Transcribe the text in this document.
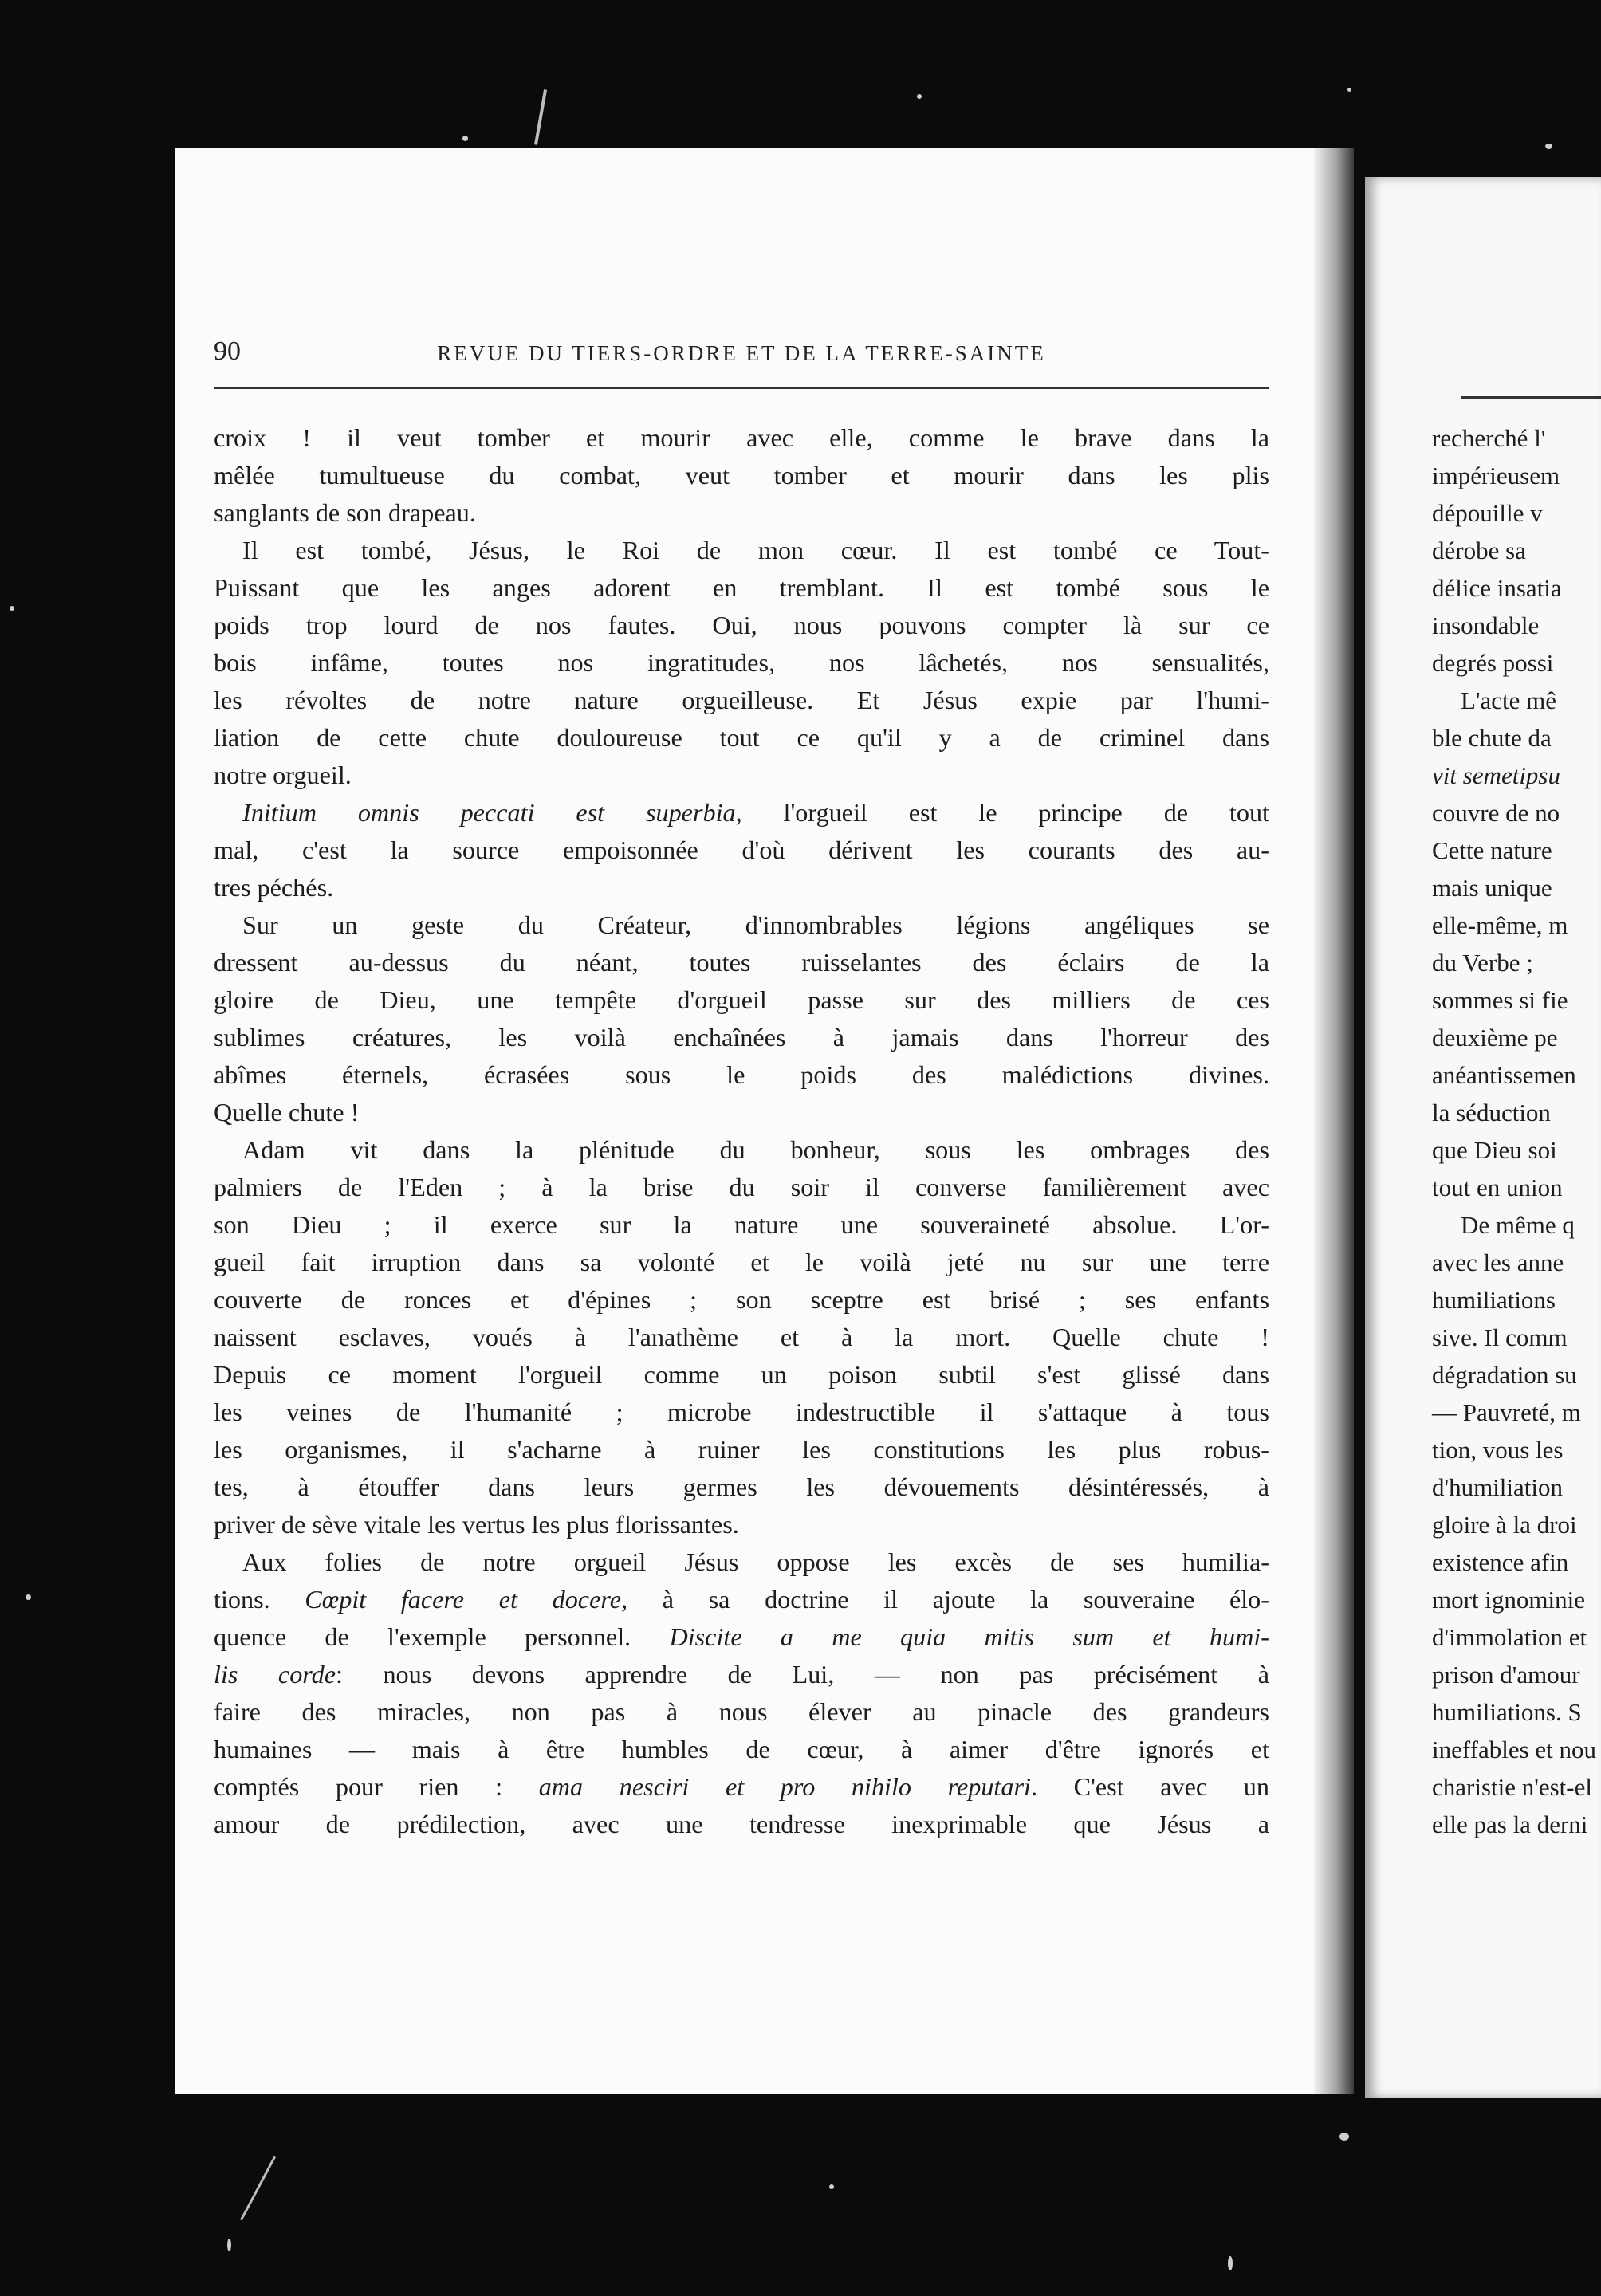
90	REVUE DU TIERS-ORDRE ET DE LA TERRE-SAINTE
croix ! il veut tomber et mourir avec elle, comme le brave dans la
mêlée tumultueuse du combat, veut tomber et mourir dans les plis
sanglants de son drapeau.
Il est tombé, Jésus, le Roi de mon cœur. Il est tombé ce Tout-
Puissant que les anges adorent en tremblant. Il est tombé sous le
poids trop lourd de nos fautes. Oui, nous pouvons compter là sur ce
bois infâme, toutes nos ingratitudes, nos lâchetés, nos sensualités,
les révoltes de notre nature orgueilleuse. Et Jésus expie par l'humi-
liation de cette chute douloureuse tout ce qu'il y a de criminel dans
notre orgueil.
Initium omnis peccati est superbia, l'orgueil est le principe de tout
mal, c'est la source empoisonnée d'où dérivent les courants des au-
tres péchés.
Sur un geste du Créateur, d'innombrables légions angéliques se
dressent au-dessus du néant, toutes ruisselantes des éclairs de la
gloire de Dieu, une tempête d'orgueil passe sur des milliers de ces
sublimes créatures, les voilà enchaînées à jamais dans l'horreur des
abîmes éternels, écrasées sous le poids des malédictions divines.
Quelle chute !
Adam vit dans la plénitude du bonheur, sous les ombrages des
palmiers de l'Eden ; à la brise du soir il converse familièrement avec
son Dieu ; il exerce sur la nature une souveraineté absolue. L'or-
gueil fait irruption dans sa volonté et le voilà jeté nu sur une terre
couverte de ronces et d'épines ; son sceptre est brisé ; ses enfants
naissent esclaves, voués à l'anathème et à la mort. Quelle chute !
Depuis ce moment l'orgueil comme un poison subtil s'est glissé dans
les veines de l'humanité ; microbe indestructible il s'attaque à tous
les organismes, il s'acharne à ruiner les constitutions les plus robus-
tes, à étouffer dans leurs germes les dévouements désintéressés, à
priver de sève vitale les vertus les plus florissantes.
Aux folies de notre orgueil Jésus oppose les excès de ses humilia-
tions. Cœpit facere et docere, à sa doctrine il ajoute la souveraine élo-
quence de l'exemple personnel. Discite a me quia mitis sum et humi-
lis corde: nous devons apprendre de Lui, — non pas précisément à
faire des miracles, non pas à nous élever au pinacle des grandeurs
humaines — mais à être humbles de cœur, à aimer d'être ignorés et
comptés pour rien : ama nesciri et pro nihilo reputari. C'est avec un
amour de prédilection, avec une tendresse inexprimable que Jésus a
recherché l'
impérieusem
dépouille v
dérobe sa
délice insatia
insondable
degrés possi
L'acte mê
ble chute da
vit semetipsu
couvre de no
Cette nature
mais unique
elle-même, m
du Verbe ;
sommes si fie
deuxième pe
anéantissemen
la séduction
que Dieu soi
tout en union
De même q
avec les anne
humiliations
sive. Il comm
dégradation su
— Pauvreté, m
tion, vous les
d'humiliation
gloire à la droi
existence afin
mort ignominie
d'immolation et
prison d'amour
humiliations. S
ineffables et nou
charistie n'est-el
elle pas la derni
